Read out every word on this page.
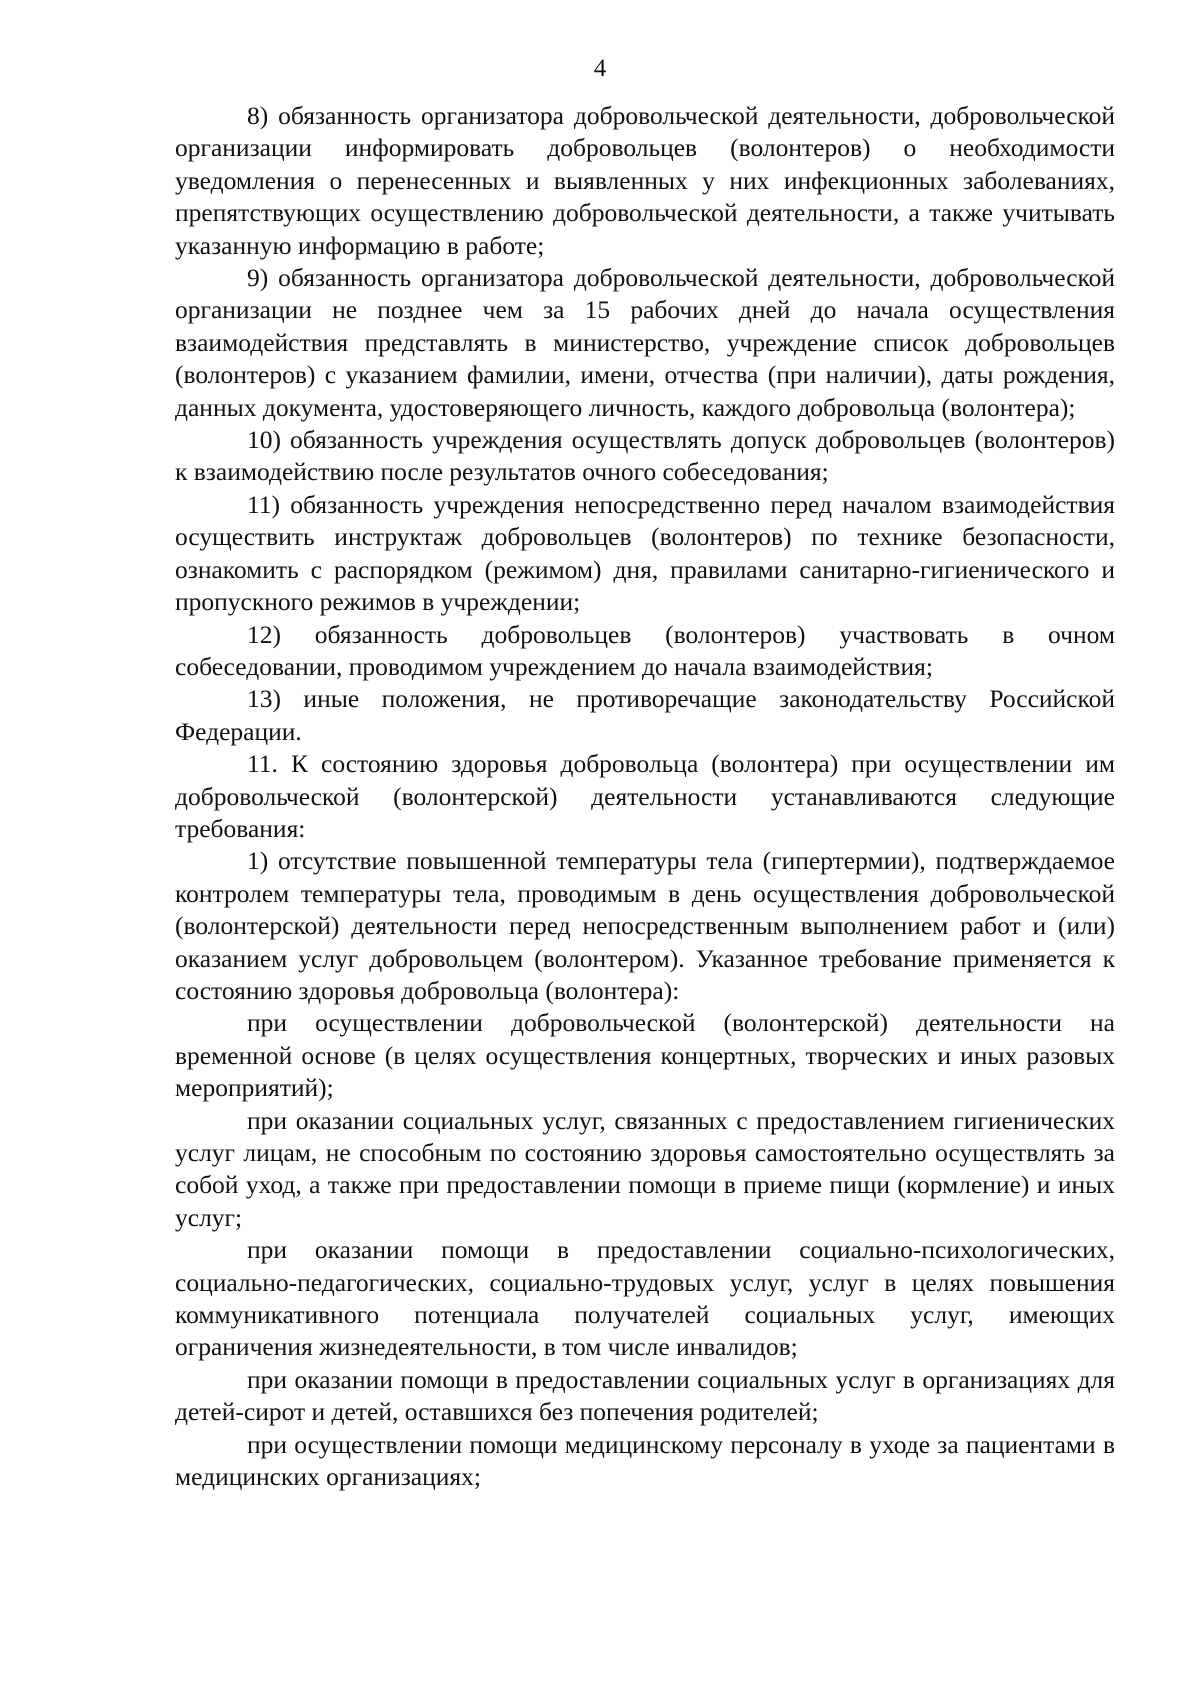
4

8) обязанность организатора добровольческой деятельности, добровольческой организации информировать добровольцев (волонтеров) о необходимости уведомления о перенесенных и выявленных у них инфекционных заболеваниях, препятствующих осуществлению добровольческой деятельности, а также учитывать указанную информацию в работе;

9) обязанность организатора добровольческой деятельности, добровольческой организации не позднее чем за 15 рабочих дней до начала осуществления взаимодействия представлять в министерство, учреждение список добровольцев (волонтеров) с указанием фамилии, имени, отчества (при наличии), даты рождения, данных документа, удостоверяющего личность, каждого добровольца (волонтера);

10) обязанность учреждения осуществлять допуск добровольцев (волонтеров) к взаимодействию после результатов очного собеседования;

11) обязанность учреждения непосредственно перед началом взаимодействия осуществить инструктаж добровольцев (волонтеров) по технике безопасности, ознакомить с распорядком (режимом) дня, правилами санитарно-гигиенического и пропускного режимов в учреждении;

12) обязанность добровольцев (волонтеров) участвовать в очном собеседовании, проводимом учреждением до начала взаимодействия;

13) иные положения, не противоречащие законодательству Российской Федерации.

11. К состоянию здоровья добровольца (волонтера) при осуществлении им добровольческой (волонтерской) деятельности устанавливаются следующие требования:

1) отсутствие повышенной температуры тела (гипертермии), подтверждаемое контролем температуры тела, проводимым в день осуществления добровольческой (волонтерской) деятельности перед непосредственным выполнением работ и (или) оказанием услуг добровольцем (волонтером). Указанное требование применяется к состоянию здоровья добровольца (волонтера):

при осуществлении добровольческой (волонтерской) деятельности на временной основе (в целях осуществления концертных, творческих и иных разовых мероприятий);

при оказании социальных услуг, связанных с предоставлением гигиенических услуг лицам, не способным по состоянию здоровья самостоятельно осуществлять за собой уход, а также при предоставлении помощи в приеме пищи (кормление) и иных услуг;

при оказании помощи в предоставлении социально-психологических, социально-педагогических, социально-трудовых услуг, услуг в целях повышения коммуникативного потенциала получателей социальных услуг, имеющих ограничения жизнедеятельности, в том числе инвалидов;

при оказании помощи в предоставлении социальных услуг в организациях для детей-сирот и детей, оставшихся без попечения родителей;

при осуществлении помощи медицинскому персоналу в уходе за пациентами в медицинских организациях;
